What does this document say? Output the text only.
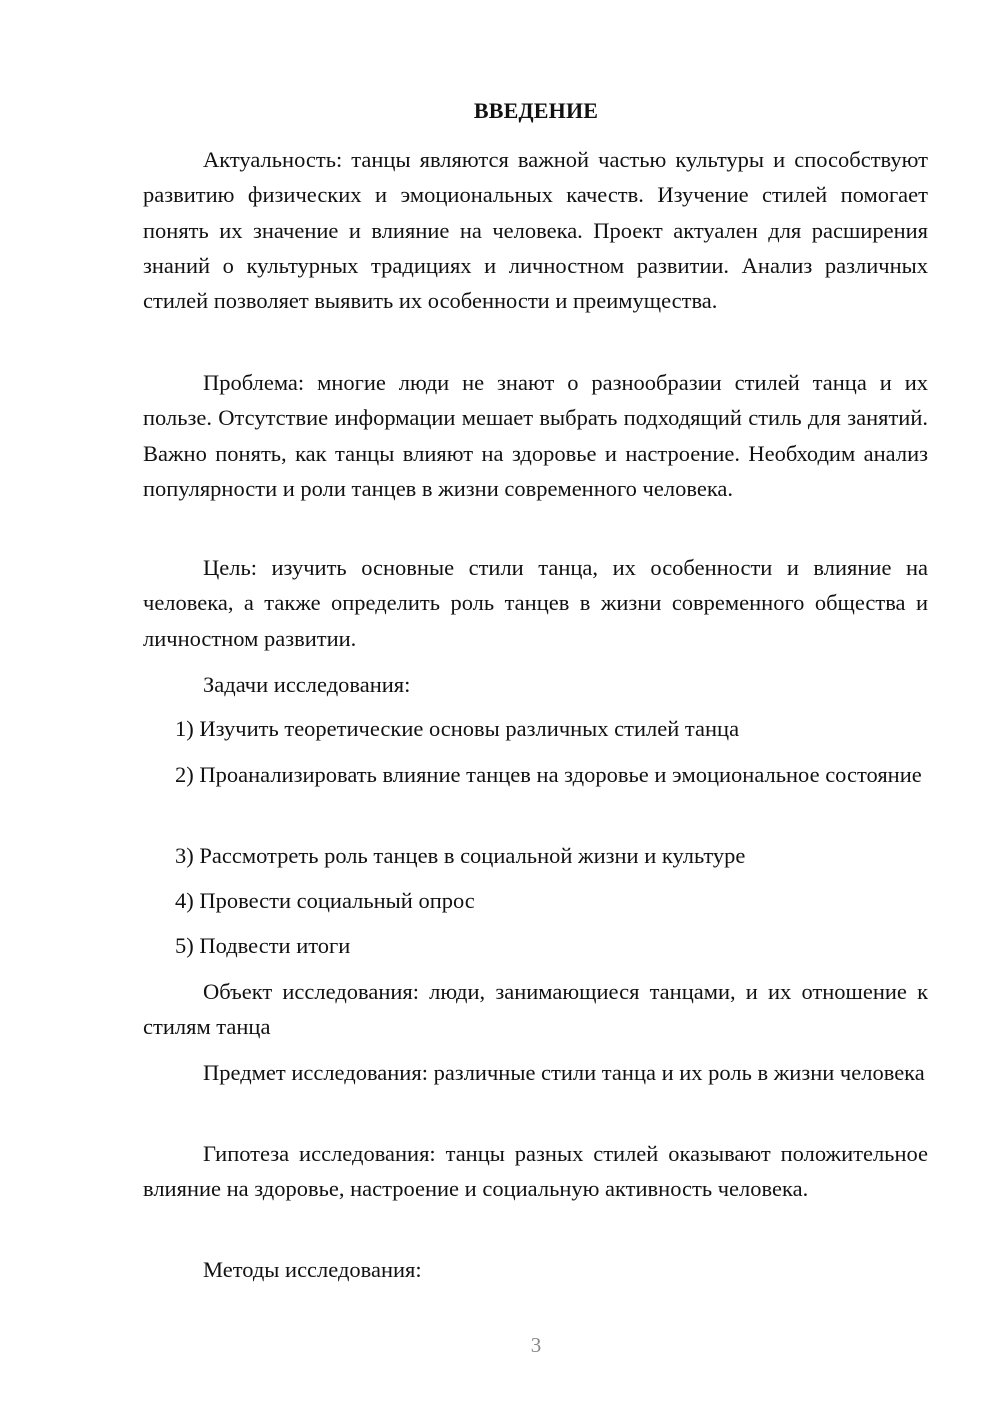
ВВЕДЕНИЕ

Актуальность: танцы являются важной частью культуры и способствуют развитию физических и эмоциональных качеств. Изучение стилей помогает понять их значение и влияние на человека. Проект актуален для расширения знаний о культурных традициях и личностном развитии. Анализ различных стилей позволяет выявить их особенности и преимущества.

Проблема: многие люди не знают о разнообразии стилей танца и их пользе. Отсутствие информации мешает выбрать подходящий стиль для занятий. Важно понять, как танцы влияют на здоровье и настроение. Необходим анализ популярности и роли танцев в жизни современного человека.

Цель: изучить основные стили танца, их особенности и влияние на человека, а также определить роль танцев в жизни современного общества и личностном развитии.

Задачи исследования:

1) Изучить теоретические основы различных стилей танца

2) Проанализировать влияние танцев на здоровье и эмоциональное состояние

3) Рассмотреть роль танцев в социальной жизни и культуре

4) Провести социальный опрос

5) Подвести итоги

Объект исследования: люди, занимающиеся танцами, и их отношение к стилям танца

Предмет исследования: различные стили танца и их роль в жизни человека

Гипотеза исследования: танцы разных стилей оказывают положительное влияние на здоровье, настроение и социальную активность человека.

Методы исследования:

3
